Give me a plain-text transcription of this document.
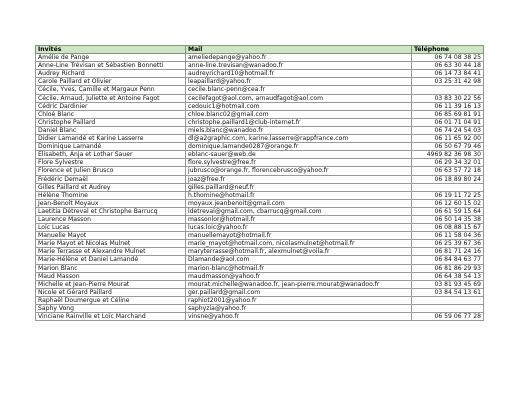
Invités	Mail	Téléphone
Amélie de Pange	ameliedepange@yahoo.fr	06 74 08 38 25
Anne-Line Trévisan et Sébastien Bonnetti	anne-line.trevisan@wanadoo.fr	06 63 30 44 18
Audrey Richard	audreyrichard10@hotmail.fr	06 14 73 84 41
Carole Paillard et Olivier	leapaillard@yahoo.fr	03 25 31 42 98
Cécile, Yves, Camille et Margaux Penn	cecile.blanc-penn@cea.fr	
Cécile, Arnaud, Juliette et Antoine Fagot	cecilefagot@aol.com, arnaudfagot@aol.com	03 83 30 22 56
Cédric Dardinier	cedouic1@hotmail.com	06 11 39 16 13
Chloé Blanc	chloe.blanc02@gmail.com	06 85 69 81 91
Christophe Paillard	christophe.paillard1@club-internet.fr	06 01 71 04 91
Daniel Blanc	miels.blanc@wanadoo.fr	06 74 24 54 03
Didier Lamandé et Karine Lasserre	dl@a2graphic.com, karine.lasserre@rappfrance.com	06 11 65 92 00
Dominique Lamandé	dominique.lamande0287@orange.fr	06 50 67 79 46
Elisabeth, Anja et Lothar Sauer	eblanc-sauer@web.de	4969 82 36 98 30
Flore Sylvestre	flore.sylvestre@free.fr	06 29 34 32 01
Florence et Julien Brusco	jubrusco@orange.fr, florencebrusco@yahoo.fr	06 63 57 72 18
Frédéric Demaël	joaz@free.fr	06 18 89 80 24
Gilles Paillard et Audrey	gilles.paillard@neuf.fr	
Hélène Thomine	h.thomine@hotmail.fr	06 19 11 72 25
Jean-Benoît Moyaux	moyaux.jeanbenoit@gmail.com	06 12 60 15 02
Laetitia Détreval et Christophe Barrucq	ldetreval@gmail.com, cbarrucq@gmail.com	06 61 59 15 64
Laurence Masson	massonlor@hotmail.fr	06 50 14 35 38
Loïc Lucas	lucas.loic@yahoo.fr	06 08 88 15 67
Manuelle Mayot	manuellemayot@hotmail.fr	06 11 58 04 36
Marie Mayot et Nicolas Mulnet	marie_mayot@hotmail.com, nicolasmulnet@hotmail.fr	06 25 39 67 36
Marie Terrasse et Alexandre Mulnet	maryterrasse@hotmail.fr, alexmulnet@voila.fr	06 81 71 24 16
Marie-Hélène et Daniel Lamandé	Dlamande@aol.com	06 84 84 63 77
Marion Blanc	marion-blanc@hotmail.fr	06 81 86 29 93
Maud Masson	maudmasson@yahoo.fr	06 64 38 54 13
Michelle et Jean-Pierre Mourat	mourat.michelle@wanadoo.fr, jean-pierre.mourat@wanadoo.fr	03 81 93 45 69
Nicole et Gérard Paillard	ger.paillard@gmail.com	03 84 54 13 61
Raphaël Doumergue et Céline	raphiot2001@yahoo.fr	
Saphy Vong	saphyzia@yahoo.fr	
Vinciane Rainville et Loïc Marchand	vinsne@yahoo.fr	06 59 06 77 28
